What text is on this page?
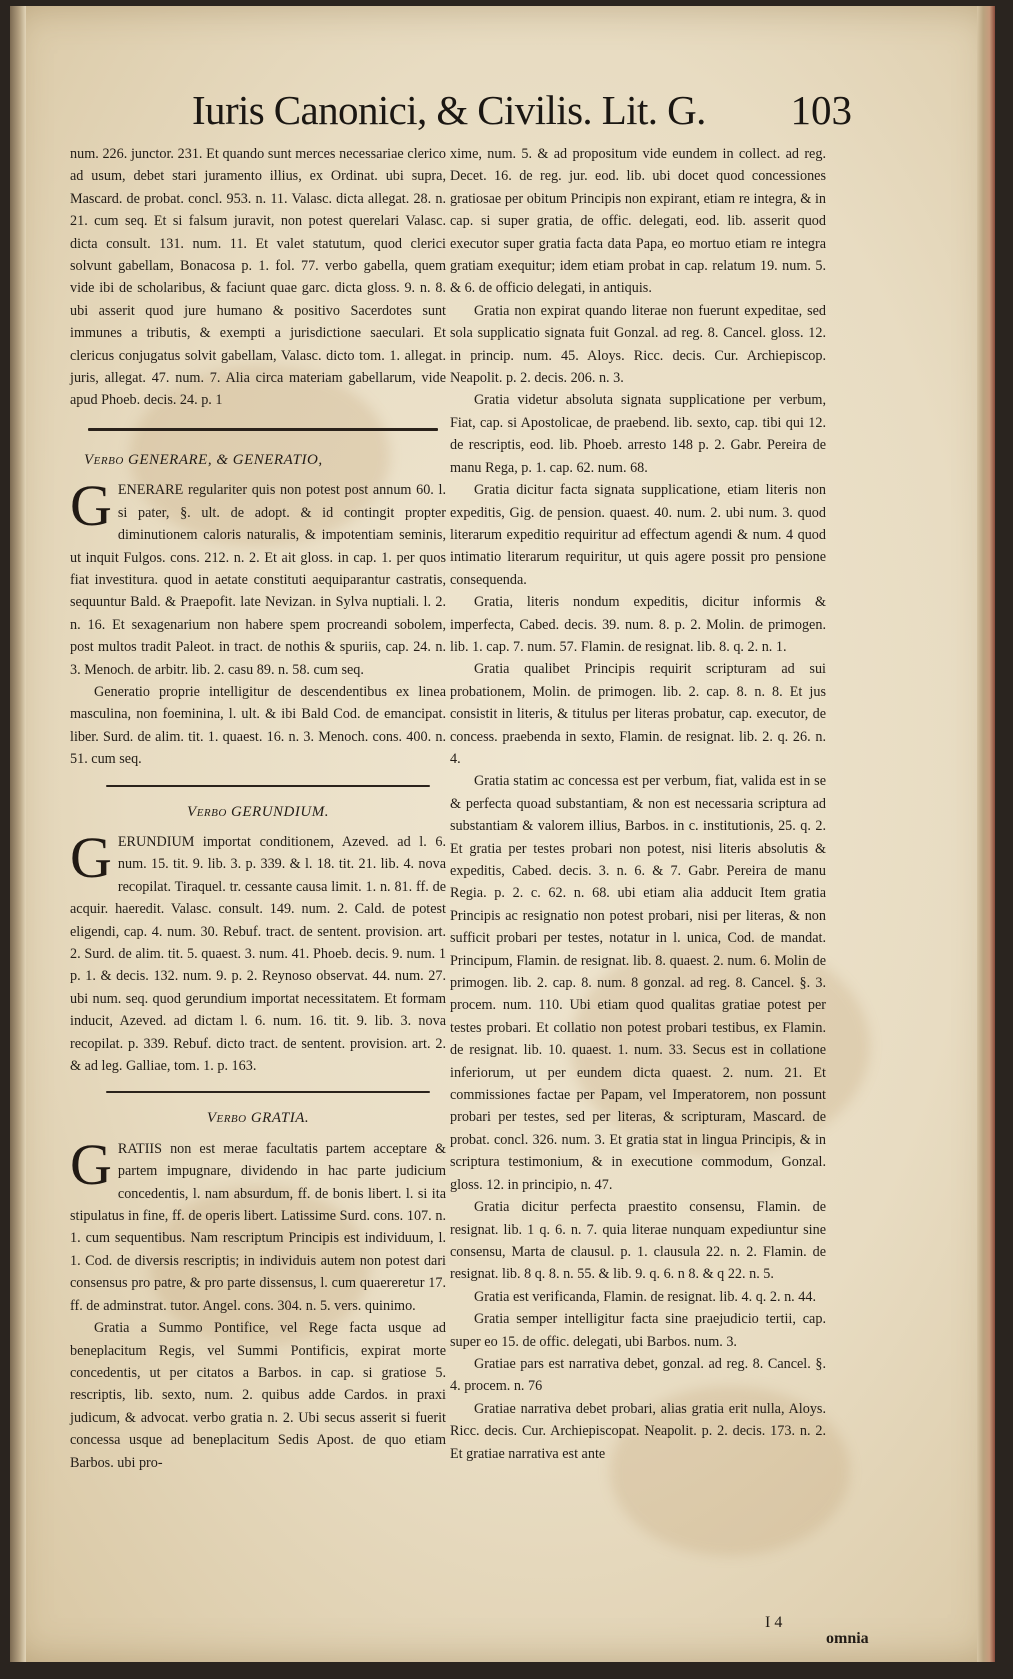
Iuris Canonici, & Civilis. Lit. G. 103

num. 226. junctor. 231. Et quando sunt merces necessariae clerico ad usum, debet stari juramento illius, ex Ordinat. ubi supra, Mascard. de probat. concl. 953. n. 11. Valasc. dicta allegat. 28. n. 21. cum seq. Et si falsum juravit, non potest querelari Valasc. dicta consult. 131. num. 11. Et valet statutum, quod clerici solvunt gabellam, Bonacosa p. 1. fol. 77. verbo gabella, quem vide ibi de scholaribus, & faciunt quae garc. dicta gloss. 9. n. 8. ubi asserit quod jure humano & positivo Sacerdotes sunt immunes a tributis, & exempti a jurisdictione saeculari. Et clericus conjugatus solvit gabellam, Valasc. dicto tom. 1. allegat. juris, allegat. 47. num. 7. Alia circa materiam gabellarum, vide apud Phoeb. decis. 24. p. 1

Verbo GENERARE, & GENERATIO,

GENERARE regulariter quis non potest post annum 60. l. si pater, §. ult. de adopt. & id contingit propter diminutionem caloris naturalis, & impotentiam seminis, ut inquit Fulgos. cons. 212. n. 2. Et ait gloss. in cap. 1. per quos fiat investitura. quod in aetate constituti aequiparantur castratis, sequuntur Bald. & Praepofit. late Nevizan. in Sylva nuptiali. l. 2. n. 16. Et sexagenarium non habere spem procreandi sobolem, post multos tradit Paleot. in tract. de nothis & spuriis, cap. 24. n. 3. Menoch. de arbitr. lib. 2. casu 89. n. 58. cum seq.

Generatio proprie intelligitur de descendentibus ex linea masculina, non foeminina, l. ult. & ibi Bald Cod. de emancipat. liber. Surd. de alim. tit. 1. quaest. 16. n. 3. Menoch. cons. 400. n. 51. cum seq.

Verbo GERUNDIUM.

GERUNDIUM importat conditionem, Azeved. ad l. 6. num. 15. tit. 9. lib. 3. p. 339. & l. 18. tit. 21. lib. 4. nova recopilat. Tiraquel. tr. cessante causa limit. 1. n. 81. ff. de acquir. haeredit. Valasc. consult. 149. num. 2. Cald. de potest eligendi, cap. 4. num. 30. Rebuf. tract. de sentent. provision. art. 2. Surd. de alim. tit. 5. quaest. 3. num. 41. Phoeb. decis. 9. num. 1 p. 1. & decis. 132. num. 9. p. 2. Reynoso observat. 44. num. 27. ubi num. seq. quod gerundium importat necessitatem. Et formam inducit, Azeved. ad dictam l. 6. num. 16. tit. 9. lib. 3. nova recopilat. p. 339. Rebuf. dicto tract. de sentent. provision. art. 2. & ad leg. Galliae, tom. 1. p. 163.

Verbo GRATIA.

GRATIIS non est merae facultatis partem acceptare & partem impugnare, dividendo in hac parte judicium concedentis, l. nam absurdum, ff. de bonis libert. l. si ita stipulatus in fine, ff. de operis libert. Latissime Surd. cons. 107. n. 1. cum sequentibus. Nam rescriptum Principis est individuum, l. 1. Cod. de diversis rescriptis; in individuis autem non potest dari consensus pro patre, & pro parte dissensus, l. cum quaereretur 17. ff. de adminstrat. tutor. Angel. cons. 304. n. 5. vers. quinimo.

Gratia a Summo Pontifice, vel Rege facta usque ad beneplacitum Regis, vel Summi Pontificis, expirat morte concedentis, ut per citatos a Barbos. in cap. si gratiose 5. rescriptis, lib. sexto, num. 2. quibus adde Cardos. in praxi judicum, & advocat. verbo gratia n. 2. Ubi secus asserit si fuerit concessa usque ad beneplacitum Sedis Apost. de quo etiam Barbos. ubi pro-

xime, num. 5. & ad propositum vide eundem in collect. ad reg. Decet. 16. de reg. jur. eod. lib. ubi docet quod concessiones gratiosae per obitum Principis non expirant, etiam re integra, & in cap. si super gratia, de offic. delegati, eod. lib. asserit quod executor super gratia facta data Papa, eo mortuo etiam re integra gratiam exequitur; idem etiam probat in cap. relatum 19. num. 5. & 6. de officio delegati, in antiquis.

Gratia non expirat quando literae non fuerunt expeditae, sed sola supplicatio signata fuit Gonzal. ad reg. 8. Cancel. gloss. 12. in princip. num. 45. Aloys. Ricc. decis. Cur. Archiepiscop. Neapolit. p. 2. decis. 206. n. 3.

Gratia videtur absoluta signata supplicatione per verbum, Fiat, cap. si Apostolicae, de praebend. lib. sexto, cap. tibi qui 12. de rescriptis, eod. lib. Phoeb. arresto 148 p. 2. Gabr. Pereira de manu Rega, p. 1. cap. 62. num. 68.

Gratia dicitur facta signata supplicatione, etiam literis non expeditis, Gig. de pension. quaest. 40. num. 2. ubi num. 3. quod literarum expeditio requiritur ad effectum agendi & num. 4 quod intimatio literarum requiritur, ut quis agere possit pro pensione consequenda.

Gratia, literis nondum expeditis, dicitur informis & imperfecta, Cabed. decis. 39. num. 8. p. 2. Molin. de primogen. lib. 1. cap. 7. num. 57. Flamin. de resignat. lib. 8. q. 2. n. 1.

Gratia qualibet Principis requirit scripturam ad sui probationem, Molin. de primogen. lib. 2. cap. 8. n. 8. Et jus consistit in literis, & titulus per literas probatur, cap. executor, de concess. praebenda in sexto, Flamin. de resignat. lib. 2. q. 26. n. 4.

Gratia statim ac concessa est per verbum, fiat, valida est in se & perfecta quoad substantiam, & non est necessaria scriptura ad substantiam & valorem illius, Barbos. in c. institutionis, 25. q. 2. Et gratia per testes probari non potest, nisi literis absolutis & expeditis, Cabed. decis. 3. n. 6. & 7. Gabr. Pereira de manu Regia. p. 2. c. 62. n. 68. ubi etiam alia adducit Item gratia Principis ac resignatio non potest probari, nisi per literas, & non sufficit probari per testes, notatur in l. unica, Cod. de mandat. Principum, Flamin. de resignat. lib. 8. quaest. 2. num. 6. Molin de primogen. lib. 2. cap. 8. num. 8 gonzal. ad reg. 8. Cancel. §. 3. procem. num. 110. Ubi etiam quod qualitas gratiae potest per testes probari. Et collatio non potest probari testibus, ex Flamin. de resignat. lib. 10. quaest. 1. num. 33. Secus est in collatione inferiorum, ut per eundem dicta quaest. 2. num. 21. Et commissiones factae per Papam, vel Imperatorem, non possunt probari per testes, sed per literas, & scripturam, Mascard. de probat. concl. 326. num. 3. Et gratia stat in lingua Principis, & in scriptura testimonium, & in executione commodum, Gonzal. gloss. 12. in principio, n. 47.

Gratia dicitur perfecta praestito consensu, Flamin. de resignat. lib. 1 q. 6. n. 7. quia literae nunquam expediuntur sine consensu, Marta de clausul. p. 1. clausula 22. n. 2. Flamin. de resignat. lib. 8 q. 8. n. 55. & lib. 9. q. 6. n 8. & q 22. n. 5.

Gratia est verificanda, Flamin. de resignat. lib. 4. q. 2. n. 44.

Gratia semper intelligitur facta sine praejudicio tertii, cap. super eo 15. de offic. delegati, ubi Barbos. num. 3.

Gratiae pars est narrativa debet, gonzal. ad reg. 8. Cancel. §. 4. procem. n. 76

Gratiae narrativa debet probari, alias gratia erit nulla, Aloys. Ricc. decis. Cur. Archiepiscopat. Neapolit. p. 2. decis. 173. n. 2. Et gratiae narrativa est ante

I 4
omnia
